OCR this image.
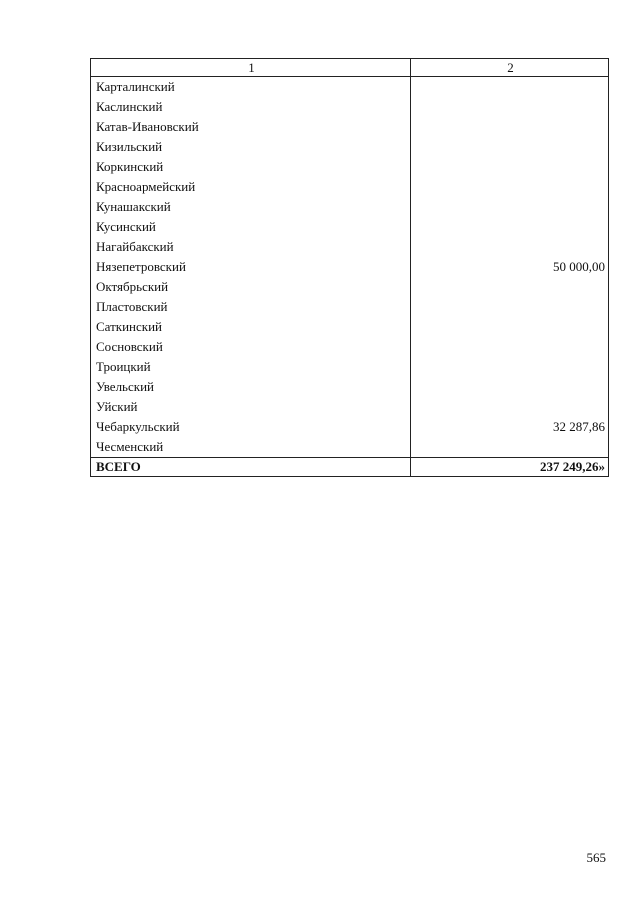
1	2
Карталинский	
Каслинский	
Катав-Ивановский	
Кизильский	
Коркинский	
Красноармейский	
Кунашакский	
Кусинский	
Нагайбакский	
Нязепетровский	50 000,00
Октябрьский	
Пластовский	
Саткинский	
Сосновский	
Троицкий	
Увельский	
Уйский	
Чебаркульский	32 287,86
Чесменский	
ВСЕГО	237 249,26»
565
